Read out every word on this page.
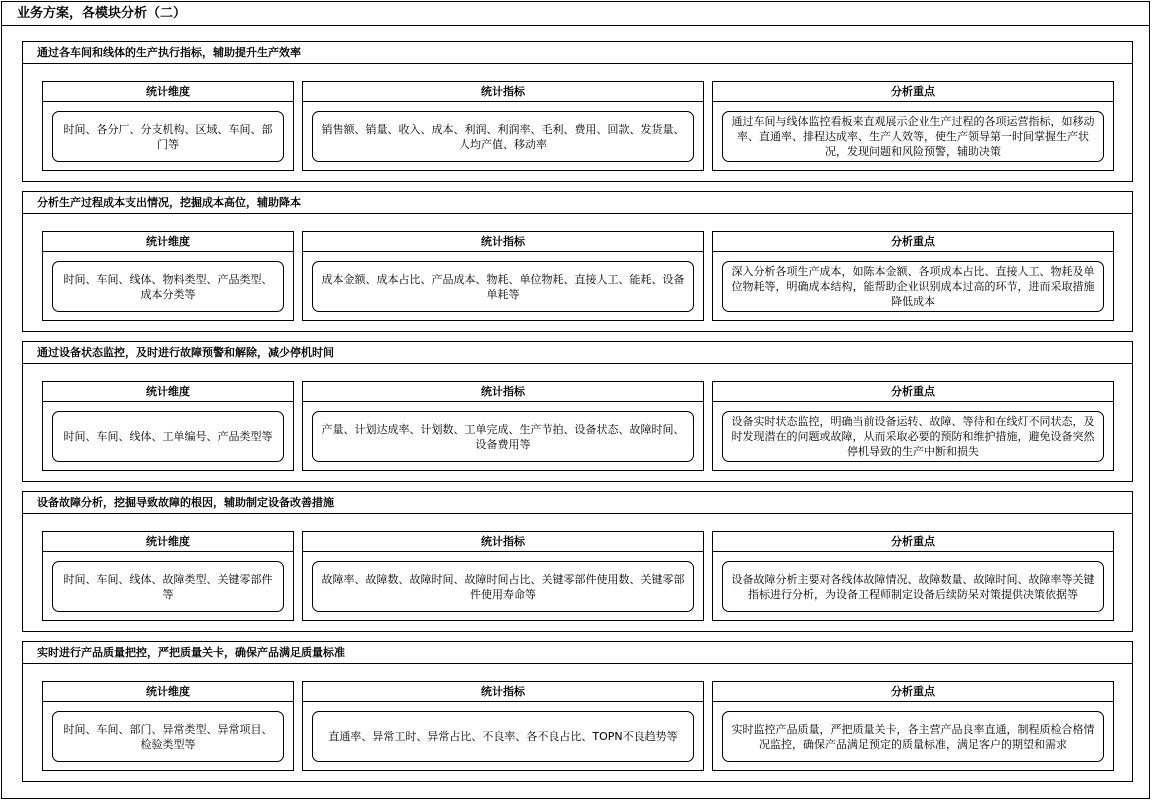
业务方案，各模块分析（二）
通过各车间和线体的生产执行指标，辅助提升生产效率
统计维度
时间、各分厂、分支机构、区域、车间、部门等
统计指标
销售额、销量、收入、成本、利润、利润率、毛利、费用、回款、发货量、人均产值、移动率
分析重点
通过车间与线体监控看板来直观展示企业生产过程的各项运营指标，如移动率、直通率、排程达成率、生产人效等，使生产领导第一时间掌握生产状况，发现问题和风险预警，辅助决策
分析生产过程成本支出情况，挖掘成本高位，辅助降本
统计维度
时间、车间、线体、物料类型、产品类型、成本分类等
统计指标
成本金额、成本占比、产品成本、物耗、单位物耗、直接人工、能耗、设备单耗等
分析重点
深入分析各项生产成本，如陈本金额、各项成本占比、直接人工、物耗及单位物耗等，明确成本结构，能帮助企业识别成本过高的环节，进而采取措施降低成本
通过设备状态监控，及时进行故障预警和解除，减少停机时间
统计维度
时间、车间、线体、工单编号、产品类型等
统计指标
产量、计划达成率、计划数、工单完成、生产节拍、设备状态、故障时间、设备费用等
分析重点
设备实时状态监控，明确当前设备运转、故障、等待和在线灯不同状态，及时发现潜在的问题或故障，从而采取必要的预防和维护措施，避免设备突然停机导致的生产中断和损失
设备故障分析，挖掘导致故障的根因，辅助制定设备改善措施
统计维度
时间、车间、线体、故障类型、关键零部件等
统计指标
故障率、故障数、故障时间、故障时间占比、关键零部件使用数、关键零部件使用寿命等
分析重点
设备故障分析主要对各线体故障情况、故障数量、故障时间、故障率等关键指标进行分析，为设备工程师制定设备后续防呆对策提供决策依据等
实时进行产品质量把控，严把质量关卡，确保产品满足质量标准
统计维度
时间、车间、部门、异常类型、异常项目、检验类型等
统计指标
直通率、异常工时、异常占比、不良率、各不良占比、TOPN不良趋势等
分析重点
实时监控产品质量，严把质量关卡，各主营产品良率直通，制程质检合格情况监控，确保产品满足预定的质量标准，满足客户的期望和需求
